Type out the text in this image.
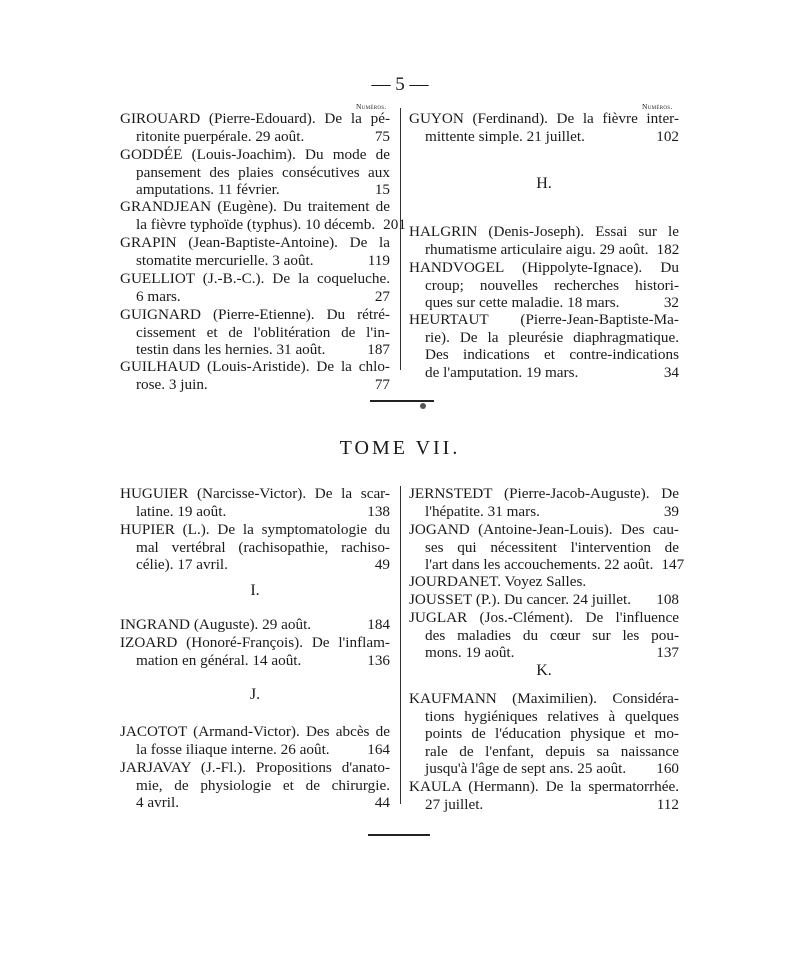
— 5 —
Numéros.	Numéros.
GIROUARD (Pierre-Edouard). De la pé-
ritonite puerpérale. 29 août.	75
GODDÉE (Louis-Joachim). Du mode de
pansement des plaies consécutives aux
amputations. 11 février.	15
GRANDJEAN (Eugène). Du traitement de
la fièvre typhoïde (typhus). 10 décemb. 201
GRAPIN (Jean-Baptiste-Antoine). De la
stomatite mercurielle. 3 août.	119
GUELLIOT (J.-B.-C.). De la coqueluche.
6 mars.	27
GUIGNARD (Pierre-Etienne). Du rétré-
cissement et de l'oblitération de l'in-
testin dans les hernies. 31 août.	187
GUILHAUD (Louis-Aristide). De la chlo-
rose. 3 juin.	77
GUYON (Ferdinand). De la fièvre inter-
mittente simple. 21 juillet.	102
H.
HALGRIN (Denis-Joseph). Essai sur le
rhumatisme articulaire aigu. 29 août. 182
HANDVOGEL (Hippolyte-Ignace). Du
croup; nouvelles recherches histori-
ques sur cette maladie. 18 mars.	32
HEURTAUT (Pierre-Jean-Baptiste-Ma-
rie). De la pleurésie diaphragmatique.
Des indications et contre-indications
de l'amputation. 19 mars.	34
TOME VII.
HUGUIER (Narcisse-Victor). De la scar-
latine. 19 août.	138
HUPIER (L.). De la symptomatologie du
mal vertébral (rachisopathie, rachiso-
célie). 17 avril.	49
I.
INGRAND (Auguste). 29 août.	184
IZOARD (Honoré-François). De l'inflam-
mation en général. 14 août.	136
J.
JACOTOT (Armand-Victor). Des abcès de
la fosse iliaque interne. 26 août.	164
JARJAVAY (J.-Fl.). Propositions d'anato-
mie, de physiologie et de chirurgie.
4 avril.	44
JERNSTEDT (Pierre-Jacob-Auguste). De
l'hépatite. 31 mars.	39
JOGAND (Antoine-Jean-Louis). Des cau-
ses qui nécessitent l'intervention de
l'art dans les accouchements. 22 août. 147
JOURDANET. Voyez Salles.
JOUSSET (P.). Du cancer. 24 juillet.	108
JUGLAR (Jos.-Clément). De l'influence
des maladies du cœur sur les pou-
mons. 19 août.	137
K.
KAUFMANN (Maximilien). Considéra-
tions hygiéniques relatives à quelques
points de l'éducation physique et mo-
rale de l'enfant, depuis sa naissance
jusqu'à l'âge de sept ans. 25 août.	160
KAULA (Hermann). De la spermatorrhée.
27 juillet.	112
